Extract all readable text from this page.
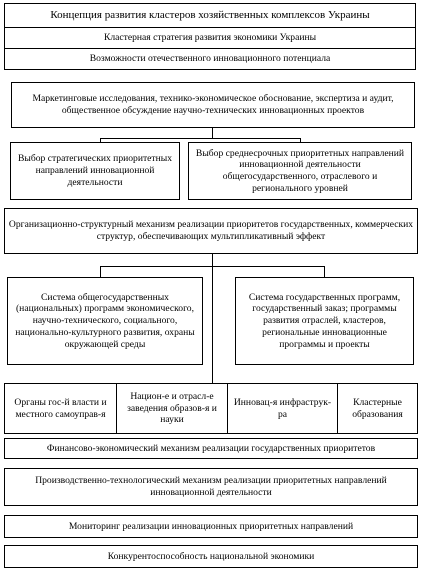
Концепция развития кластеров хозяйственных комплексов Украины
Кластерная стратегия развития экономики Украины
Возможности отечественного инновационного потенциала
Маркетинговые исследования, технико-экономическое обоснование, экспертиза и аудит, общественное обсуждение научно-технических инновационных проектов
Выбор стратегических приоритетных направлений инновационной деятельности
Выбор среднесрочных приоритетных направлений инновационной деятельности общегосударственного, отраслевого и регионального уровней
Организационно-структурный механизм реализации приоритетов государственных, коммерческих структур, обеспечивающих мультипликативный эффект
Система общегосударственных (национальных) программ экономического, научно-технического, социального, национально-культурного развития, охраны окружающей среды
Система государственных программ, государственный заказ; программы развития отраслей, кластеров, региональные инновационные программы и проекты
Органы гос-й власти и местного самоуправ-я
Национ-е и отрасл-е заведения образов-я и науки
Инновац-я инфраструк-ра
Кластерные образования
Финансово-экономический механизм реализации государственных приоритетов
Производственно-технологический механизм реализации приоритетных направлений инновационной деятельности
Мониторинг реализации инновационных приоритетных направлений
Конкурентоспособность национальной экономики
